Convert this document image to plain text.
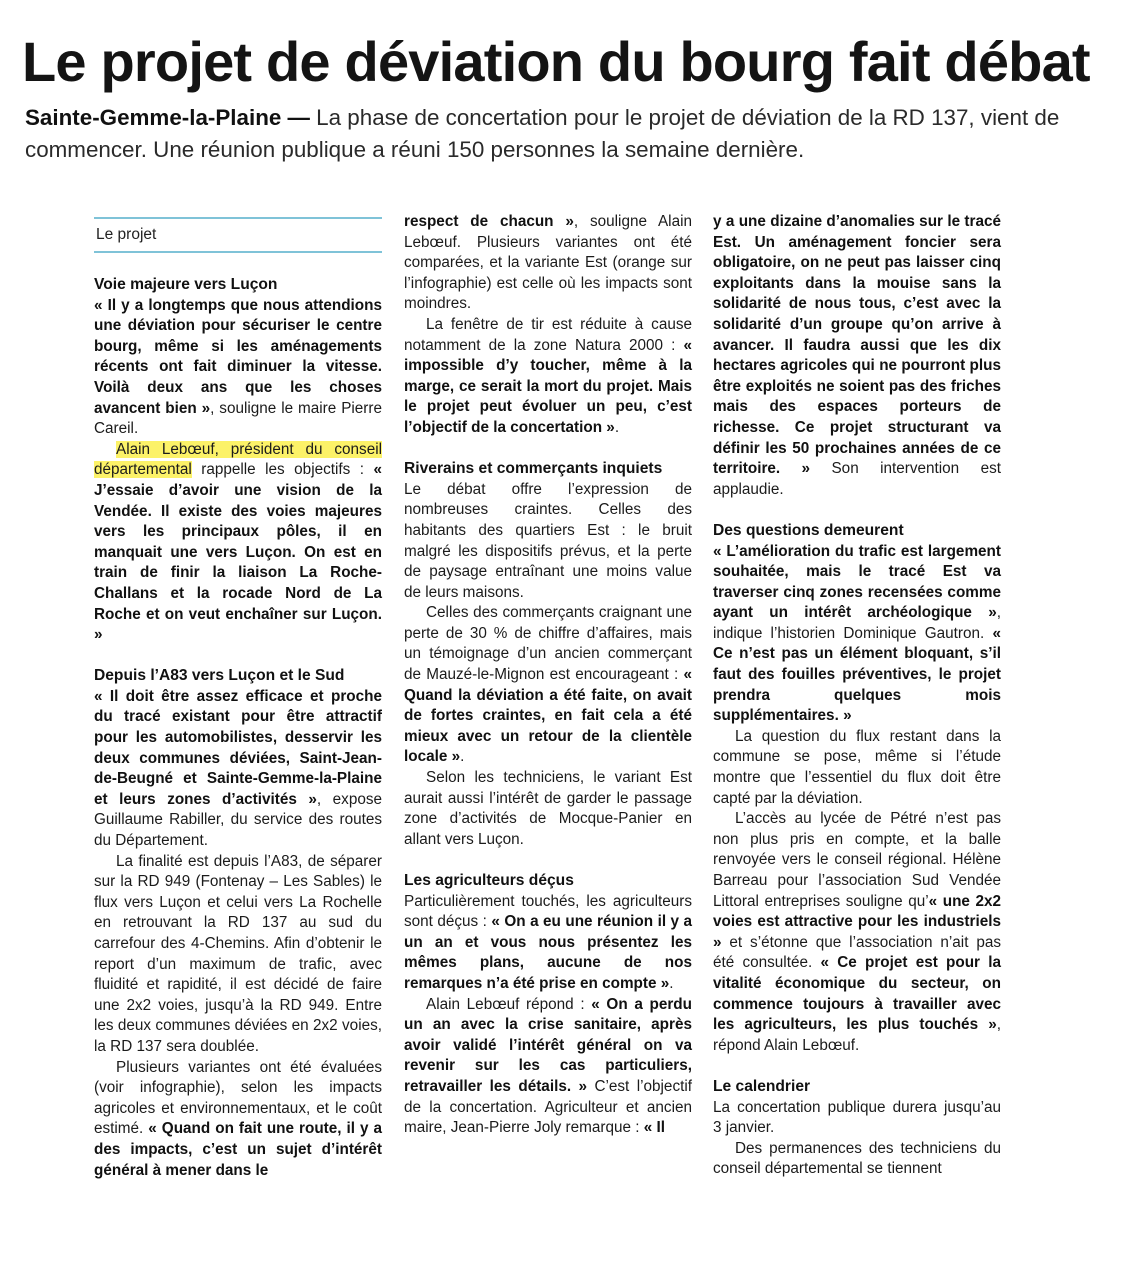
Le projet de déviation du bourg fait débat

Sainte-Gemme-la-Plaine — La phase de concertation pour le projet de déviation de la RD 137, vient de commencer. Une réunion publique a réuni 150 personnes la semaine dernière.

Le projet
Voie majeure vers Luçon

« Il y a longtemps que nous attendions une déviation pour sécuriser le centre bourg, même si les aménagements récents ont fait diminuer la vitesse. Voilà deux ans que les choses avancent bien », souligne le maire Pierre Careil.

Alain Lebœuf, président du conseil départemental rappelle les objectifs : « J’essaie d’avoir une vision de la Vendée. Il existe des voies majeures vers les principaux pôles, il en manquait une vers Luçon. On est en train de finir la liaison La Roche-Challans et la rocade Nord de La Roche et on veut enchaîner sur Luçon. »

Depuis l’A83 vers Luçon et le Sud

« Il doit être assez efficace et proche du tracé existant pour être attractif pour les automobilistes, desservir les deux communes déviées, Saint-Jean-de-Beugné et Sainte-Gemme-la-Plaine et leurs zones d’activités », expose Guillaume Rabiller, du service des routes du Département.

La finalité est depuis l’A83, de séparer sur la RD 949 (Fontenay – Les Sables) le flux vers Luçon et celui vers La Rochelle en retrouvant la RD 137 au sud du carrefour des 4-Chemins. Afin d’obtenir le report d’un maximum de trafic, avec fluidité et rapidité, il est décidé de faire une 2x2 voies, jusqu’à la RD 949. Entre les deux communes déviées en 2x2 voies, la RD 137 sera doublée.

Plusieurs variantes ont été évaluées (voir infographie), selon les impacts agricoles et environnementaux, et le coût estimé. « Quand on fait une route, il y a des impacts, c’est un sujet d’intérêt général à mener dans le

respect de chacun », souligne Alain Lebœuf. Plusieurs variantes ont été comparées, et la variante Est (orange sur l’infographie) est celle où les impacts sont moindres.

La fenêtre de tir est réduite à cause notamment de la zone Natura 2000 : « impossible d’y toucher, même à la marge, ce serait la mort du projet. Mais le projet peut évoluer un peu, c’est l’objectif de la concertation ».

Riverains et commerçants inquiets

Le débat offre l’expression de nombreuses craintes. Celles des habitants des quartiers Est : le bruit malgré les dispositifs prévus, et la perte de paysage entraînant une moins value de leurs maisons.

Celles des commerçants craignant une perte de 30 % de chiffre d’affaires, mais un témoignage d’un ancien commerçant de Mauzé-le-Mignon est encourageant : « Quand la déviation a été faite, on avait de fortes craintes, en fait cela a été mieux avec un retour de la clientèle locale ».

Selon les techniciens, le variant Est aurait aussi l’intérêt de garder le passage zone d’activités de Mocque-Panier en allant vers Luçon.

Les agriculteurs déçus

Particulièrement touchés, les agriculteurs sont déçus : « On a eu une réunion il y a un an et vous nous présentez les mêmes plans, aucune de nos remarques n’a été prise en compte ».

Alain Lebœuf répond : « On a perdu un an avec la crise sanitaire, après avoir validé l’intérêt général on va revenir sur les cas particuliers, retravailler les détails. » C’est l’objectif de la concertation. Agriculteur et ancien maire, Jean-Pierre Joly remarque : « Il

y a une dizaine d’anomalies sur le tracé Est. Un aménagement foncier sera obligatoire, on ne peut pas laisser cinq exploitants dans la mouise sans la solidarité de nous tous, c’est avec la solidarité d’un groupe qu’on arrive à avancer. Il faudra aussi que les dix hectares agricoles qui ne pourront plus être exploités ne soient pas des friches mais des espaces porteurs de richesse. Ce projet structurant va définir les 50 prochaines années de ce territoire. » Son intervention est applaudie.

Des questions demeurent

« L’amélioration du trafic est largement souhaitée, mais le tracé Est va traverser cinq zones recensées comme ayant un intérêt archéologique », indique l’historien Dominique Gautron. « Ce n’est pas un élément bloquant, s’il faut des fouilles préventives, le projet prendra quelques mois supplémentaires. »

La question du flux restant dans la commune se pose, même si l’étude montre que l’essentiel du flux doit être capté par la déviation.

L’accès au lycée de Pétré n’est pas non plus pris en compte, et la balle renvoyée vers le conseil régional. Hélène Barreau pour l’association Sud Vendée Littoral entreprises souligne qu’« une 2x2 voies est attractive pour les industriels » et s’étonne que l’association n’ait pas été consultée. « Ce projet est pour la vitalité économique du secteur, on commence toujours à travailler avec les agriculteurs, les plus touchés », répond Alain Lebœuf.

Le calendrier

La concertation publique durera jusqu’au 3 janvier.

Des permanences des techniciens du conseil départemental se tiennent
